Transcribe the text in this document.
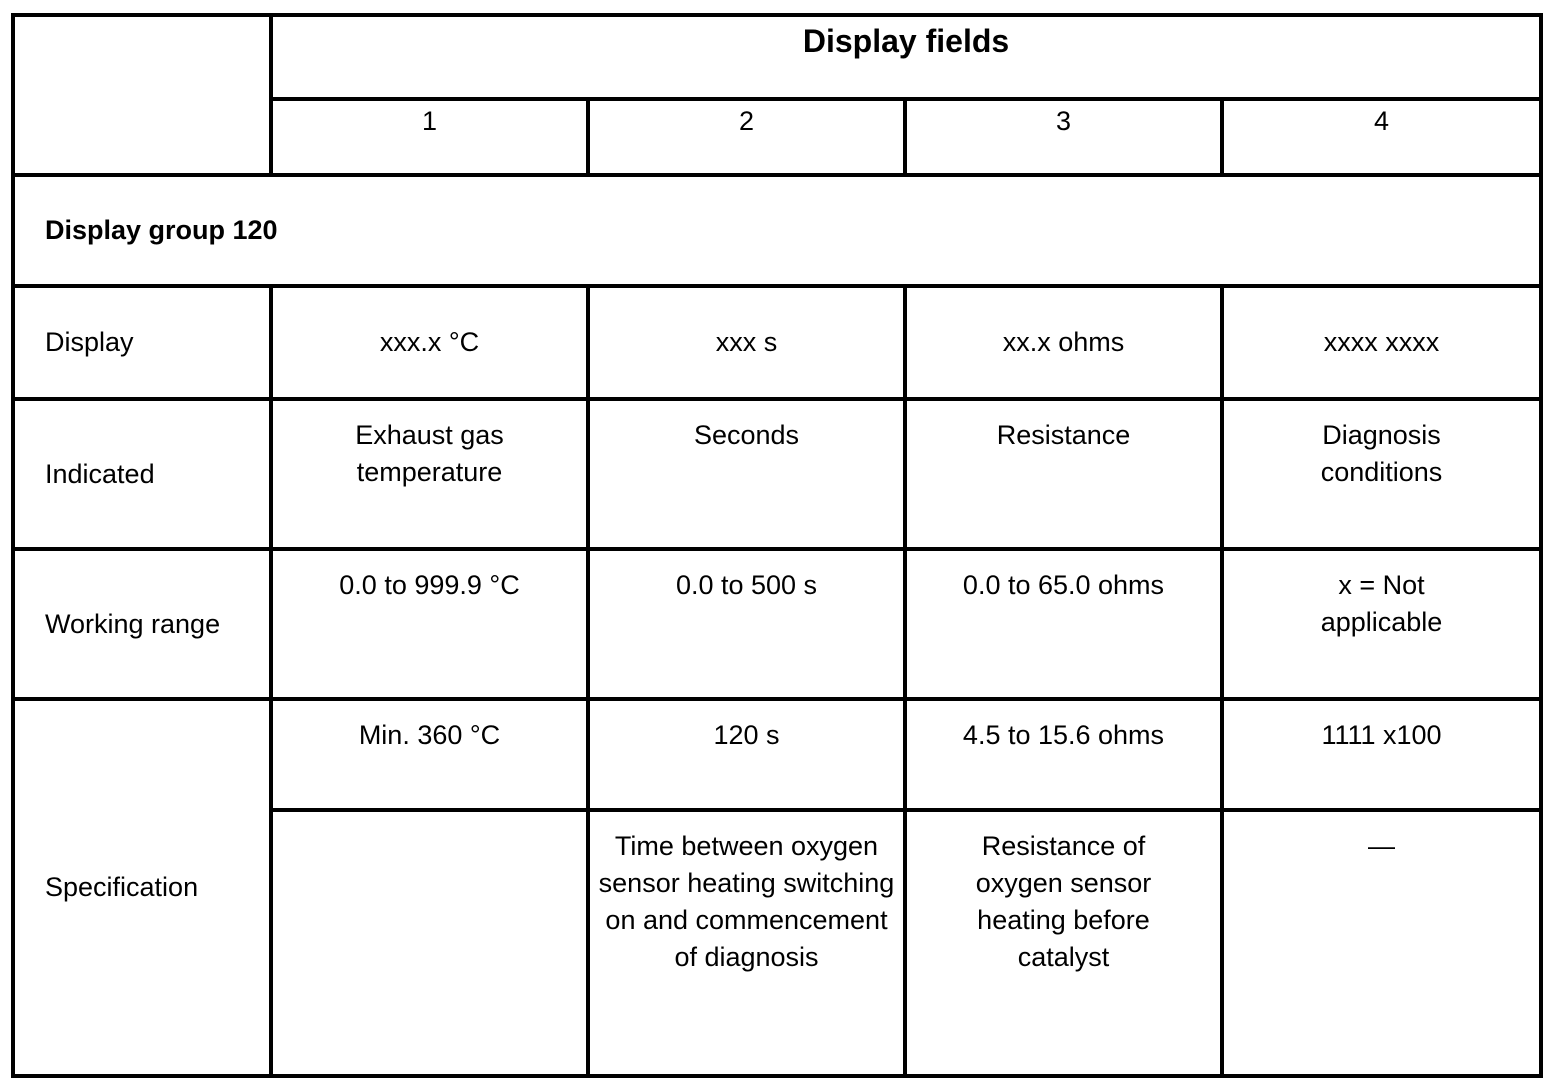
	Display fields			
	1	2	3	4
Display group 120				
Display	xxx.x °C	xxx s	xx.x ohms	xxxx xxxx
Indicated	Exhaust gas temperature	Seconds	Resistance	Diagnosis conditions
Working range	0.0 to 999.9 °C	0.0 to 500 s	0.0 to 65.0 ohms	x = Not applicable
Specification	Min. 360 °C	120 s	4.5 to 15.6 ohms	1111 x100
		Time between oxygen sensor heating switching on and commencement of diagnosis	Resistance of oxygen sensor heating before catalyst	—
